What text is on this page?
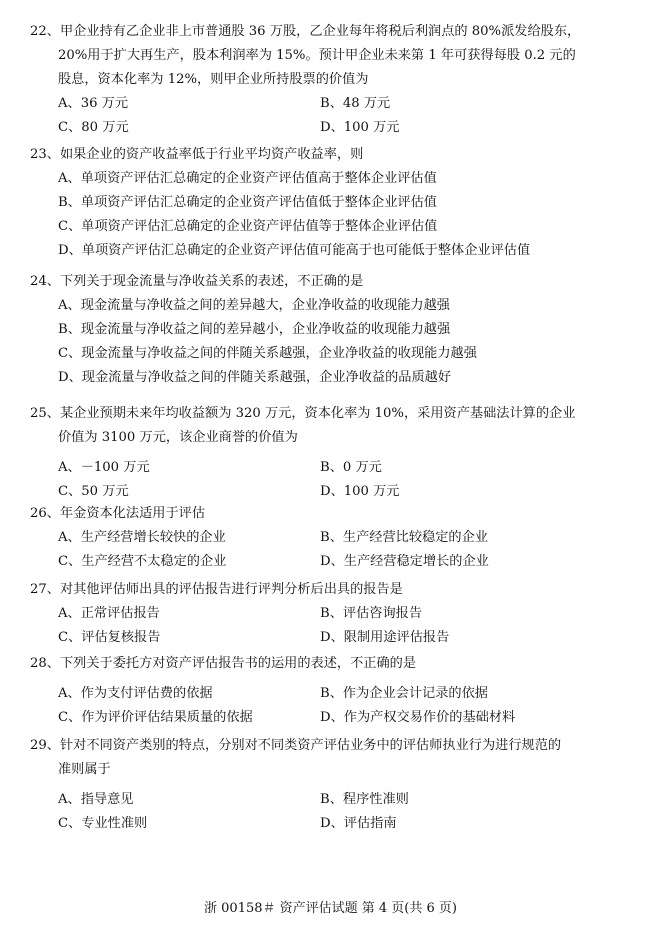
22、甲企业持有乙企业非上市普通股 36 万股，乙企业每年将税后利润点的 80%派发给股东，
20%用于扩大再生产，股本利润率为 15%。预计甲企业未来第 1 年可获得每股 0.2 元的
股息，资本化率为 12%，则甲企业所持股票的价值为

A、36 万元	B、48 万元
C、80 万元	D、100 万元

23、如果企业的资产收益率低于行业平均资产收益率，则

A、单项资产评估汇总确定的企业资产评估值高于整体企业评估值
B、单项资产评估汇总确定的企业资产评估值低于整体企业评估值
C、单项资产评估汇总确定的企业资产评估值等于整体企业评估值
D、单项资产评估汇总确定的企业资产评估值可能高于也可能低于整体企业评估值

24、下列关于现金流量与净收益关系的表述，不正确的是

A、现金流量与净收益之间的差异越大，企业净收益的收现能力越强
B、现金流量与净收益之间的差异越小，企业净收益的收现能力越强
C、现金流量与净收益之间的伴随关系越强，企业净收益的收现能力越强
D、现金流量与净收益之间的伴随关系越强，企业净收益的品质越好

25、某企业预期未来年均收益额为 320 万元，资本化率为 10%，采用资产基础法计算的企业
价值为 3100 万元，该企业商誉的价值为

A、－100 万元	B、0 万元
C、50 万元	D、100 万元

26、年金资本化法适用于评估

A、生产经营增长较快的企业	B、生产经营比较稳定的企业
C、生产经营不太稳定的企业	D、生产经营稳定增长的企业

27、对其他评估师出具的评估报告进行评判分析后出具的报告是

A、正常评估报告	B、评估咨询报告
C、评估复核报告	D、限制用途评估报告

28、下列关于委托方对资产评估报告书的运用的表述，不正确的是

A、作为支付评估费的依据	B、作为企业会计记录的依据
C、作为评价评估结果质量的依据	D、作为产权交易作价的基础材料

29、针对不同资产类别的特点，分别对不同类资产评估业务中的评估师执业行为进行规范的
准则属于

A、指导意见	B、程序性准则
C、专业性准则	D、评估指南
浙 00158＃ 资产评估试题 第 4 页(共 6 页)
